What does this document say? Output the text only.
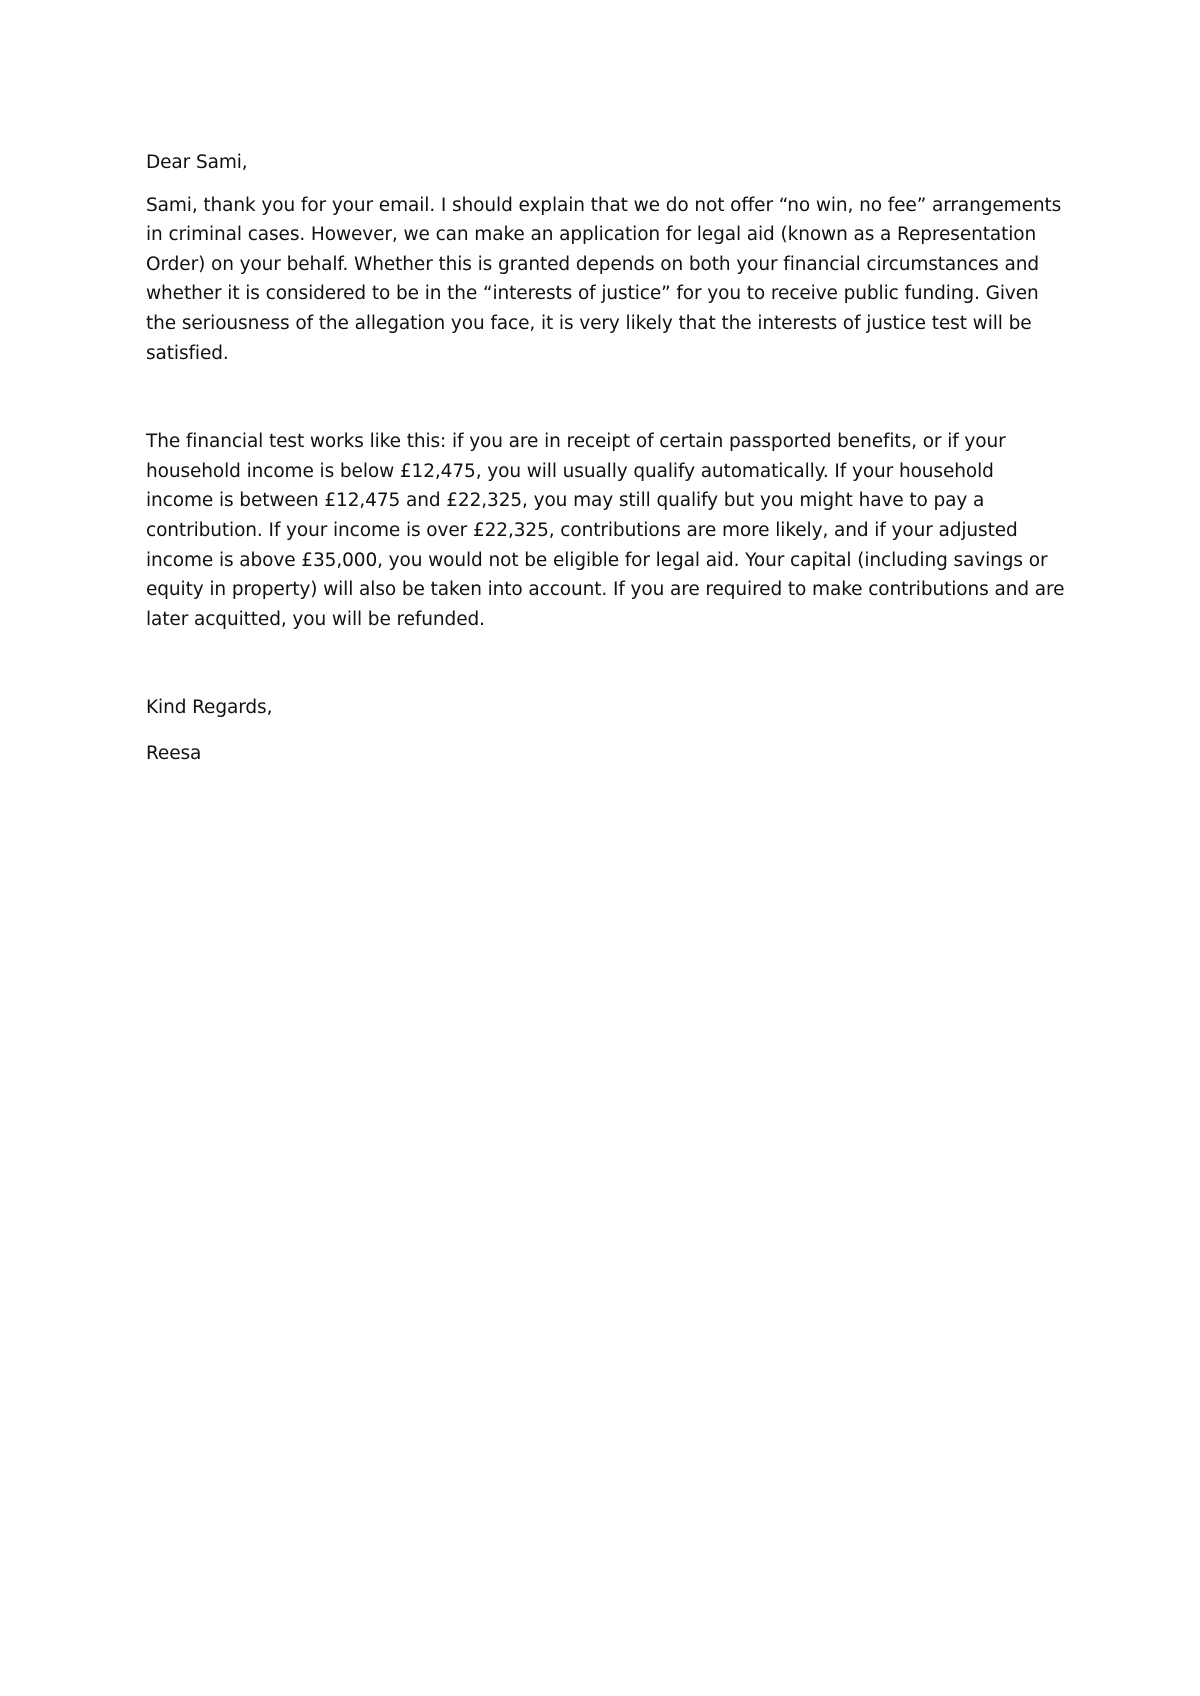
Dear Sami,

Sami, thank you for your email. I should explain that we do not offer “no win, no fee” arrangements in criminal cases. However, we can make an application for legal aid (known as a Representation Order) on your behalf. Whether this is granted depends on both your financial circumstances and whether it is considered to be in the “interests of justice” for you to receive public funding. Given the seriousness of the allegation you face, it is very likely that the interests of justice test will be satisfied.

The financial test works like this: if you are in receipt of certain passported benefits, or if your household income is below £12,475, you will usually qualify automatically. If your household income is between £12,475 and £22,325, you may still qualify but you might have to pay a contribution. If your income is over £22,325, contributions are more likely, and if your adjusted income is above £35,000, you would not be eligible for legal aid. Your capital (including savings or equity in property) will also be taken into account. If you are required to make contributions and are later acquitted, you will be refunded.

Kind Regards,

Reesa
